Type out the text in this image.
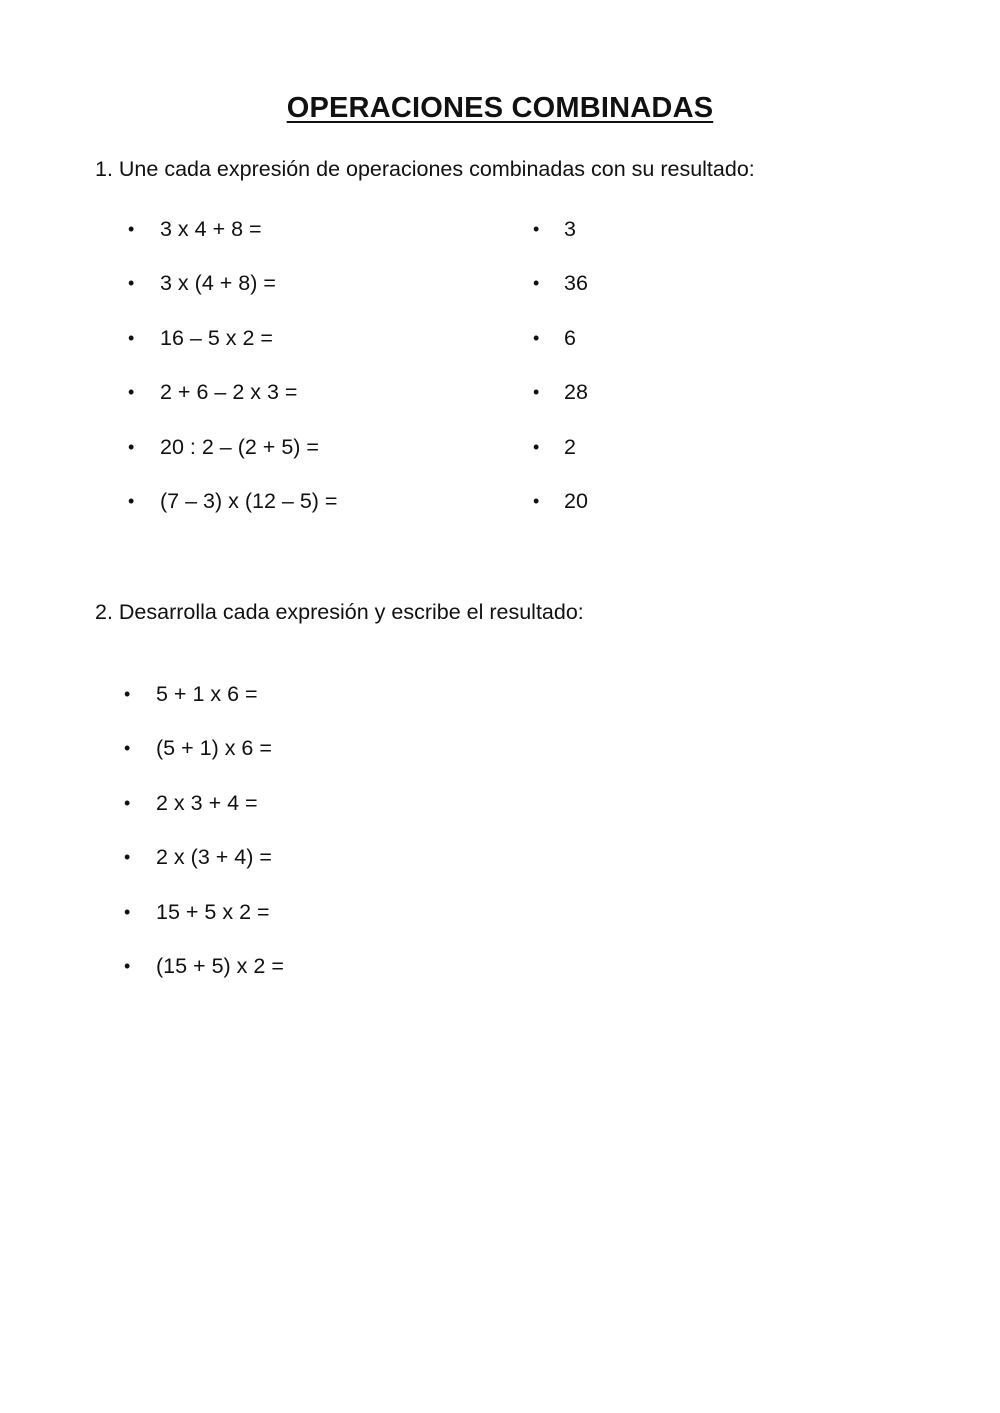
OPERACIONES COMBINADAS
1. Une cada expresión de operaciones combinadas con su resultado:
• 3 x 4 + 8 =
• 3 x (4 + 8) =
• 16 – 5 x 2 =
• 2 + 6 – 2 x 3 =
• 20 : 2 – (2 + 5) =
• (7 – 3) x (12 – 5) =
• 3
• 36
• 6
• 28
• 2
• 20
2. Desarrolla cada expresión y escribe el resultado:
• 5 + 1 x 6 =
• (5 + 1) x 6 =
• 2 x 3 + 4 =
• 2 x (3 + 4) =
• 15 + 5 x 2 =
• (15 + 5) x 2 =
